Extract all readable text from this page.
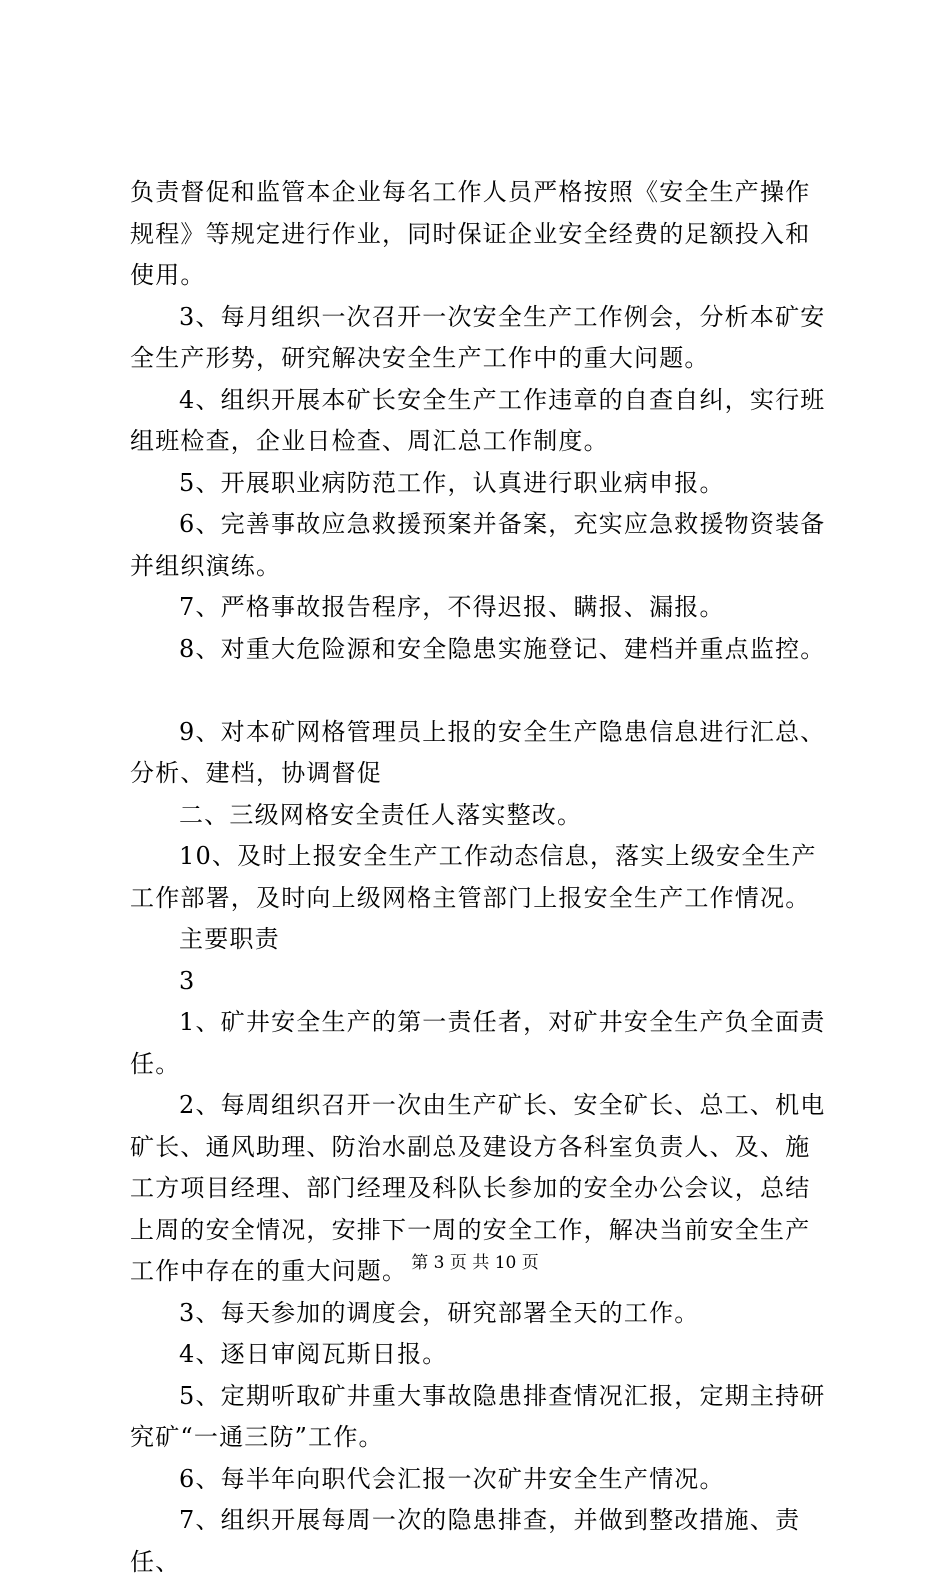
负责督促和监管本企业每名工作人员严格按照《安全生产操作规程》等规定进行作业，同时保证企业安全经费的足额投入和使用。

3、每月组织一次召开一次安全生产工作例会，分析本矿安全生产形势，研究解决安全生产工作中的重大问题。

4、组织开展本矿长安全生产工作违章的自查自纠，实行班组班检查，企业日检查、周汇总工作制度。

5、开展职业病防范工作，认真进行职业病申报。

6、完善事故应急救援预案并备案，充实应急救援物资装备并组织演练。

7、严格事故报告程序，不得迟报、瞒报、漏报。

8、对重大危险源和安全隐患实施登记、建档并重点监控。

9、对本矿网格管理员上报的安全生产隐患信息进行汇总、分析、建档，协调督促

二、三级网格安全责任人落实整改。

10、及时上报安全生产工作动态信息，落实上级安全生产工作部署，及时向上级网格主管部门上报安全生产工作情况。

主要职责

3

1、矿井安全生产的第一责任者，对矿井安全生产负全面责任。

2、每周组织召开一次由生产矿长、安全矿长、总工、机电矿长、通风助理、防治水副总及建设方各科室负责人、及、施工方项目经理、部门经理及科队长参加的安全办公会议，总结上周的安全情况，安排下一周的安全工作，解决当前安全生产工作中存在的重大问题。

3、每天参加的调度会，研究部署全天的工作。

4、逐日审阅瓦斯日报。

5、定期听取矿井重大事故隐患排查情况汇报，定期主持研究矿“一通三防”工作。

6、每半年向职代会汇报一次矿井安全生产情况。

7、组织开展每周一次的隐患排查，并做到整改措施、责任、

第 3 页 共 10 页
